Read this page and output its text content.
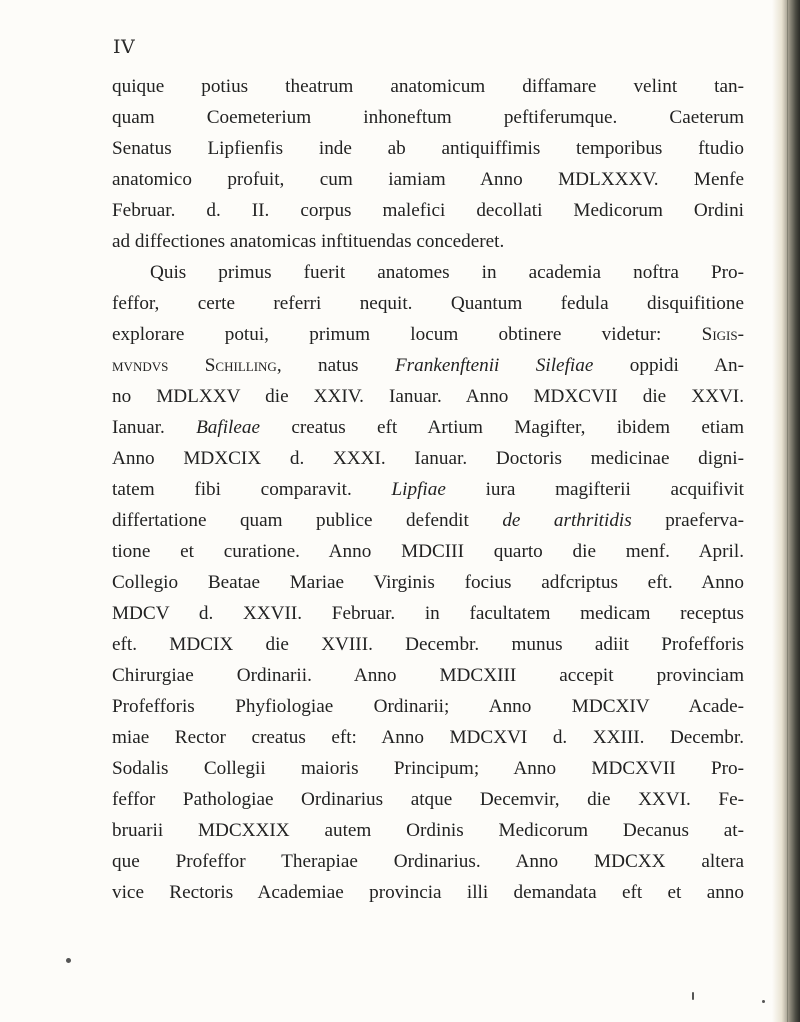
IV
quique potius theatrum anatomicum diffamare velint tan-
quam Coemeterium inhoneftum peftiferumque. Caeterum
Senatus Lipfienfis inde ab antiquiffimis temporibus ftudio
anatomico profuit, cum iamiam Anno MDLXXXV. Menfe
Februar. d. II. corpus malefici decollati Medicorum Ordini
ad diffectiones anatomicas inftituendas concederet.
Quis primus fuerit anatomes in academia noftra Pro-
feffor, certe referri nequit. Quantum fedula disquifitione
explorare potui, primum locum obtinere videtur: Sigis-
mvndvs Schilling, natus Frankenftenii Silefiae oppidi An-
no MDLXXV die XXIV. Ianuar. Anno MDXCVII die XXVI.
Ianuar. Bafileae creatus eft Artium Magifter, ibidem etiam
Anno MDXCIX d. XXXI. Ianuar. Doctoris medicinae digni-
tatem fibi comparavit. Lipfiae iura magifterii acquifivit
differtatione quam publice defendit de arthritidis praeferva-
tione et curatione. Anno MDCIII quarto die menf. April.
Collegio Beatae Mariae Virginis focius adfcriptus eft. Anno
MDCV d. XXVII. Februar. in facultatem medicam receptus
eft. MDCIX die XVIII. Decembr. munus adiit Profefforis
Chirurgiae Ordinarii. Anno MDCXIII accepit provinciam
Profefforis Phyfiologiae Ordinarii; Anno MDCXIV Acade-
miae Rector creatus eft: Anno MDCXVI d. XXIII. Decembr.
Sodalis Collegii maioris Principum; Anno MDCXVII Pro-
feffor Pathologiae Ordinarius atque Decemvir, die XXVI. Fe-
bruarii MDCXXIX autem Ordinis Medicorum Decanus at-
que Profeffor Therapiae Ordinarius. Anno MDCXX altera
vice Rectoris Academiae provincia illi demandata eft et anno
